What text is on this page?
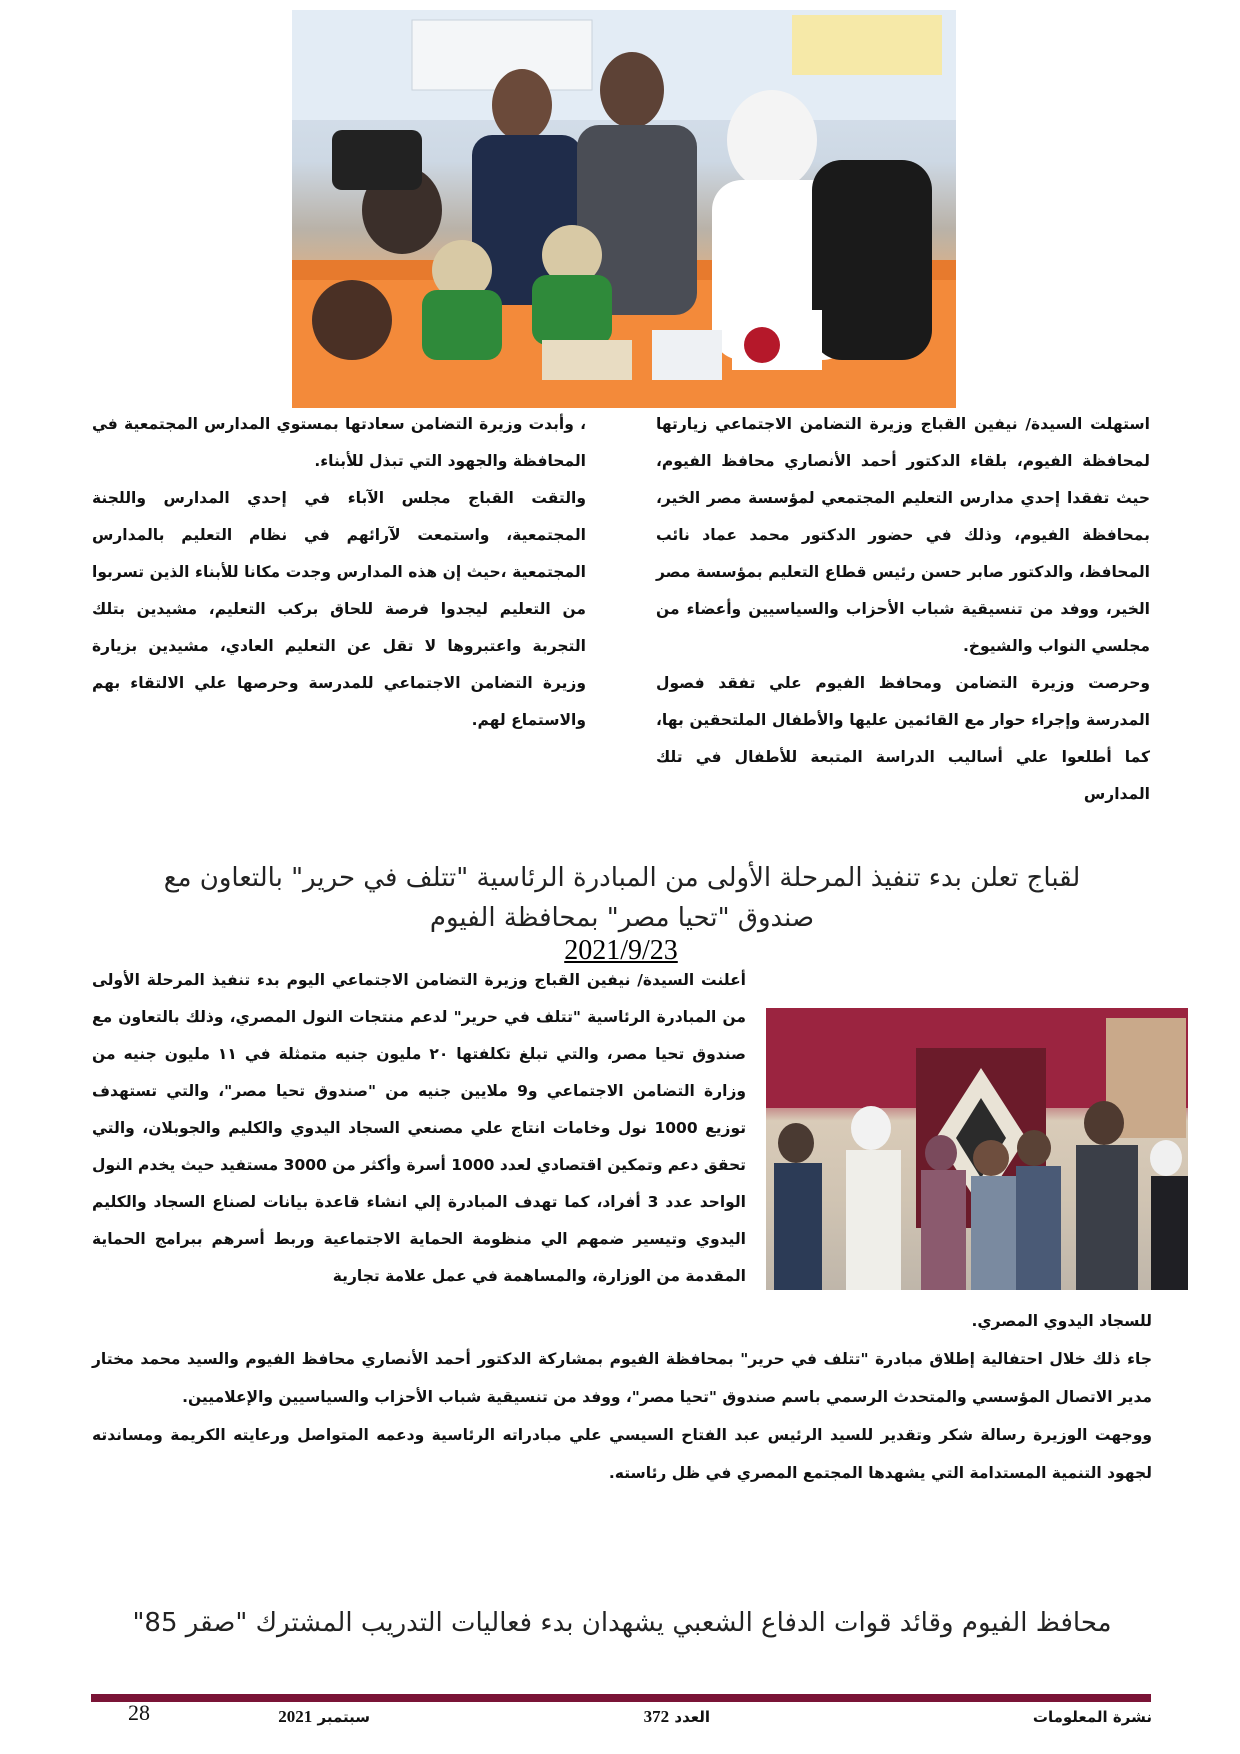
استهلت السيدة/ نيفين القباج وزيرة التضامن الاجتماعي زيارتها لمحافظة الفيوم، بلقاء الدكتور أحمد الأنصاري محافظ الفيوم، حيث تفقدا إحدي مدارس التعليم المجتمعي لمؤسسة مصر الخير، بمحافظة الفيوم، وذلك في حضور الدكتور محمد عماد نائب المحافظ، والدكتور صابر حسن رئيس قطاع التعليم بمؤسسة مصر الخير، ووفد من تنسيقية شباب الأحزاب والسياسيين وأعضاء من مجلسي النواب والشيوخ.

وحرصت وزيرة التضامن ومحافظ الفيوم علي تفقد فصول المدرسة وإجراء حوار مع القائمين عليها والأطفال الملتحقين بها، كما أطلعوا علي أساليب الدراسة المتبعة للأطفال في تلك المدارس

، وأبدت وزيرة التضامن سعادتها بمستوي المدارس المجتمعية في المحافظة والجهود التي تبذل للأبناء.

والتقت القباج مجلس الآباء في إحدي المدارس واللجنة المجتمعية، واستمعت لآرائهم في نظام التعليم بالمدارس المجتمعية ،حيث إن هذه المدارس وجدت مكانا للأبناء الذين تسربوا من التعليم ليجدوا فرصة للحاق بركب التعليم، مشيدين بتلك التجربة واعتبروها لا تقل عن التعليم العادي، مشيدين بزيارة وزيرة التضامن الاجتماعي للمدرسة وحرصها علي الالتقاء بهم والاستماع لهم.

لقباج تعلن بدء تنفيذ المرحلة الأولى من المبادرة الرئاسية "تتلف في حرير" بالتعاون مع
صندوق "تحيا مصر" بمحافظة الفيوم
2021/9/23

أعلنت السيدة/ نيفين القباج وزيرة التضامن الاجتماعي اليوم بدء تنفيذ المرحلة الأولى من المبادرة الرئاسية "تتلف في حرير" لدعم منتجات النول المصري، وذلك بالتعاون مع صندوق تحيا مصر، والتي تبلغ تكلفتها ٢٠ مليون جنيه متمثلة في ١١ مليون جنيه من وزارة التضامن الاجتماعي و9 ملايين جنيه من "صندوق تحيا مصر"، والتي تستهدف توزيع 1000 نول وخامات انتاج علي مصنعي السجاد اليدوي والكليم والجوبلان، والتي تحقق دعم وتمكين اقتصادي لعدد 1000 أسرة وأكثر من 3000 مستفيد حيث يخدم النول الواحد عدد 3 أفراد، كما تهدف المبادرة إلي انشاء قاعدة بيانات لصناع السجاد والكليم اليدوي وتيسير ضمهم الي منظومة الحماية الاجتماعية وربط أسرهم ببرامج الحماية المقدمة من الوزارة، والمساهمة في عمل علامة تجارية

للسجاد اليدوي المصري.

جاء ذلك خلال احتفالية إطلاق مبادرة "تتلف في حرير" بمحافظة الفيوم بمشاركة الدكتور أحمد الأنصاري محافظ الفيوم والسيد محمد مختار مدير الاتصال المؤسسي والمتحدث الرسمي باسم صندوق "تحيا مصر"، ووفد من تنسيقية شباب الأحزاب والسياسيين والإعلاميين.

ووجهت الوزيرة رسالة شكر وتقدير للسيد الرئيس عبد الفتاح السيسي علي مبادراته الرئاسية ودعمه المتواصل ورعايته الكريمة ومساندته لجهود التنمية المستدامة التي يشهدها المجتمع المصري في ظل رئاسته.

محافظ الفيوم وقائد قوات الدفاع الشعبي يشهدان بدء فعاليات التدريب المشترك "صقر 85"
نشرة المعلومات
العدد 372
سبتمبر 2021
28
